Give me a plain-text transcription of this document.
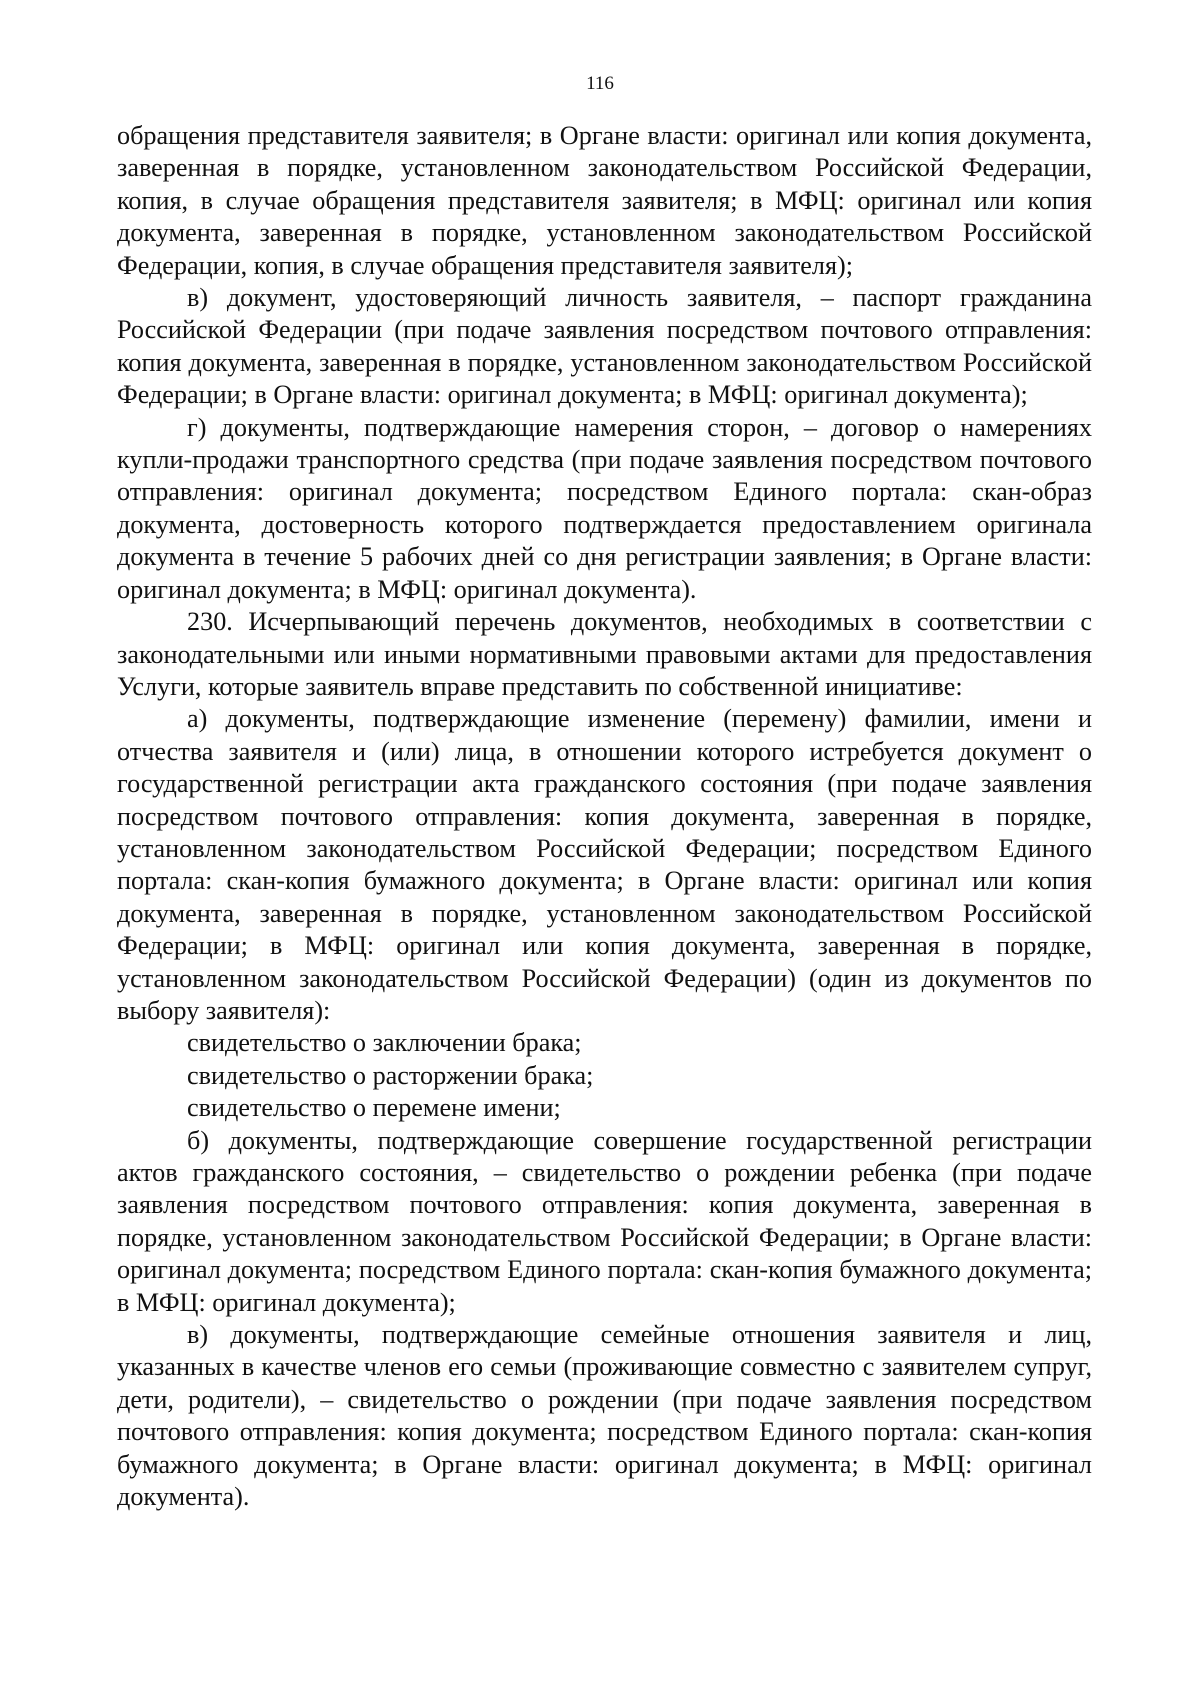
116

обращения представителя заявителя; в Органе власти: оригинал или копия документа, заверенная в порядке, установленном законодательством Российской Федерации, копия, в случае обращения представителя заявителя; в МФЦ: оригинал или копия документа, заверенная в порядке, установленном законодательством Российской Федерации, копия, в случае обращения представителя заявителя);

в) документ, удостоверяющий личность заявителя, – паспорт гражданина Российской Федерации (при подаче заявления посредством почтового отправления: копия документа, заверенная в порядке, установленном законодательством Российской Федерации; в Органе власти: оригинал документа; в МФЦ: оригинал документа);

г) документы, подтверждающие намерения сторон, – договор о намерениях купли-продажи транспортного средства (при подаче заявления посредством почтового отправления: оригинал документа; посредством Единого портала: скан-образ документа, достоверность которого подтверждается предоставлением оригинала документа в течение 5 рабочих дней со дня регистрации заявления; в Органе власти: оригинал документа; в МФЦ: оригинал документа).

230. Исчерпывающий перечень документов, необходимых в соответствии с законодательными или иными нормативными правовыми актами для предоставления Услуги, которые заявитель вправе представить по собственной инициативе:

а) документы, подтверждающие изменение (перемену) фамилии, имени и отчества заявителя и (или) лица, в отношении которого истребуется документ о государственной регистрации акта гражданского состояния (при подаче заявления посредством почтового отправления: копия документа, заверенная в порядке, установленном законодательством Российской Федерации; посредством Единого портала: скан-копия бумажного документа; в Органе власти: оригинал или копия документа, заверенная в порядке, установленном законодательством Российской Федерации; в МФЦ: оригинал или копия документа, заверенная в порядке, установленном законодательством Российской Федерации) (один из документов по выбору заявителя):

свидетельство о заключении брака;

свидетельство о расторжении брака;

свидетельство о перемене имени;

б) документы, подтверждающие совершение государственной регистрации актов гражданского состояния, – свидетельство о рождении ребенка (при подаче заявления посредством почтового отправления: копия документа, заверенная в порядке, установленном законодательством Российской Федерации; в Органе власти: оригинал документа; посредством Единого портала: скан-копия бумажного документа; в МФЦ: оригинал документа);

в) документы, подтверждающие семейные отношения заявителя и лиц, указанных в качестве членов его семьи (проживающие совместно с заявителем супруг, дети, родители), – свидетельство о рождении (при подаче заявления посредством почтового отправления: копия документа; посредством Единого портала: скан-копия бумажного документа; в Органе власти: оригинал документа; в МФЦ: оригинал документа).
